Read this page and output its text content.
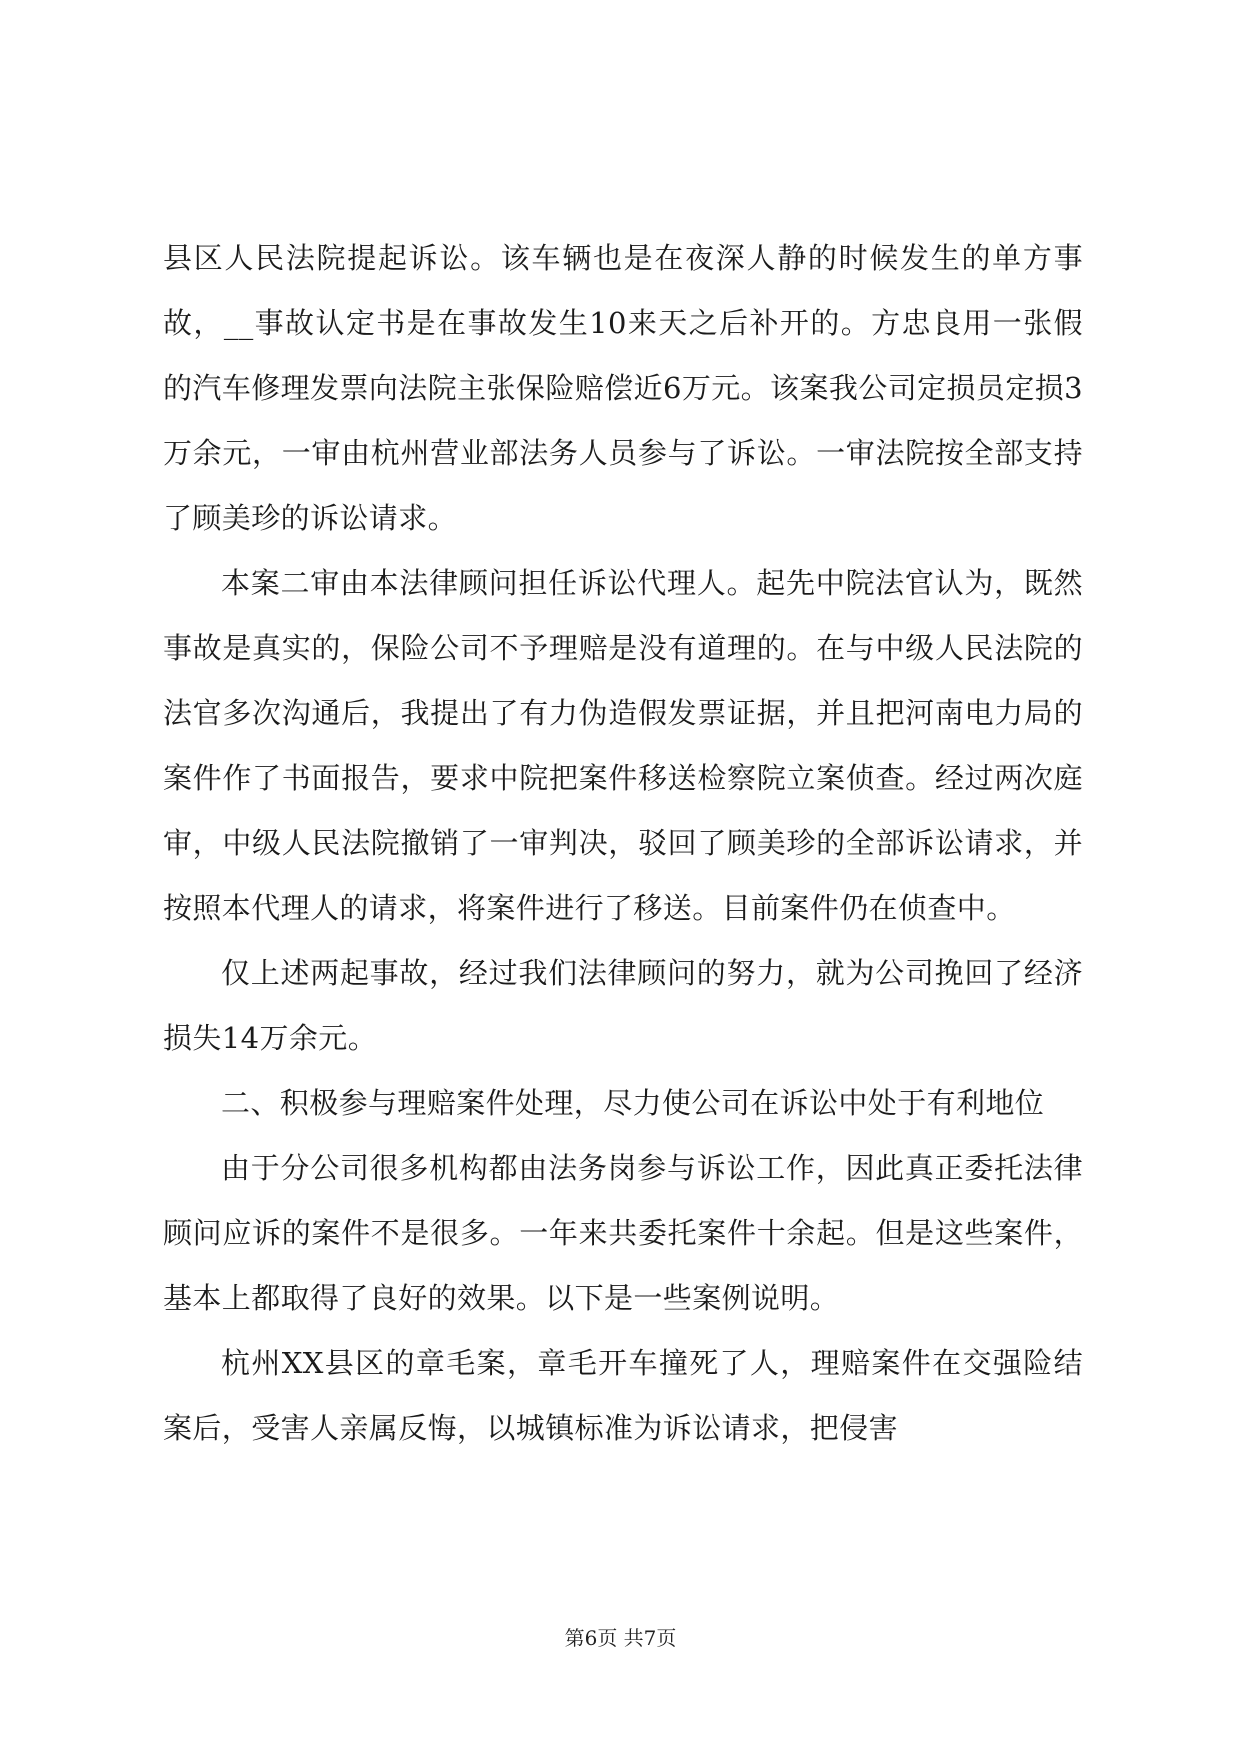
县区人民法院提起诉讼。该车辆也是在夜深人静的时候发生的单方事故，__事故认定书是在事故发生10来天之后补开的。方忠良用一张假的汽车修理发票向法院主张保险赔偿近6万元。该案我公司定损员定损3万余元，一审由杭州营业部法务人员参与了诉讼。一审法院按全部支持了顾美珍的诉讼请求。

本案二审由本法律顾问担任诉讼代理人。起先中院法官认为，既然事故是真实的，保险公司不予理赔是没有道理的。在与中级人民法院的法官多次沟通后，我提出了有力伪造假发票证据，并且把河南电力局的案件作了书面报告，要求中院把案件移送检察院立案侦查。经过两次庭审，中级人民法院撤销了一审判决，驳回了顾美珍的全部诉讼请求，并按照本代理人的请求，将案件进行了移送。目前案件仍在侦查中。

仅上述两起事故，经过我们法律顾问的努力，就为公司挽回了经济损失14万余元。

二、积极参与理赔案件处理，尽力使公司在诉讼中处于有利地位

由于分公司很多机构都由法务岗参与诉讼工作，因此真正委托法律顾问应诉的案件不是很多。一年来共委托案件十余起。但是这些案件，基本上都取得了良好的效果。以下是一些案例说明。

杭州XX县区的章毛案，章毛开车撞死了人，理赔案件在交强险结案后，受害人亲属反悔，以城镇标准为诉讼请求，把侵害

第6页 共7页
